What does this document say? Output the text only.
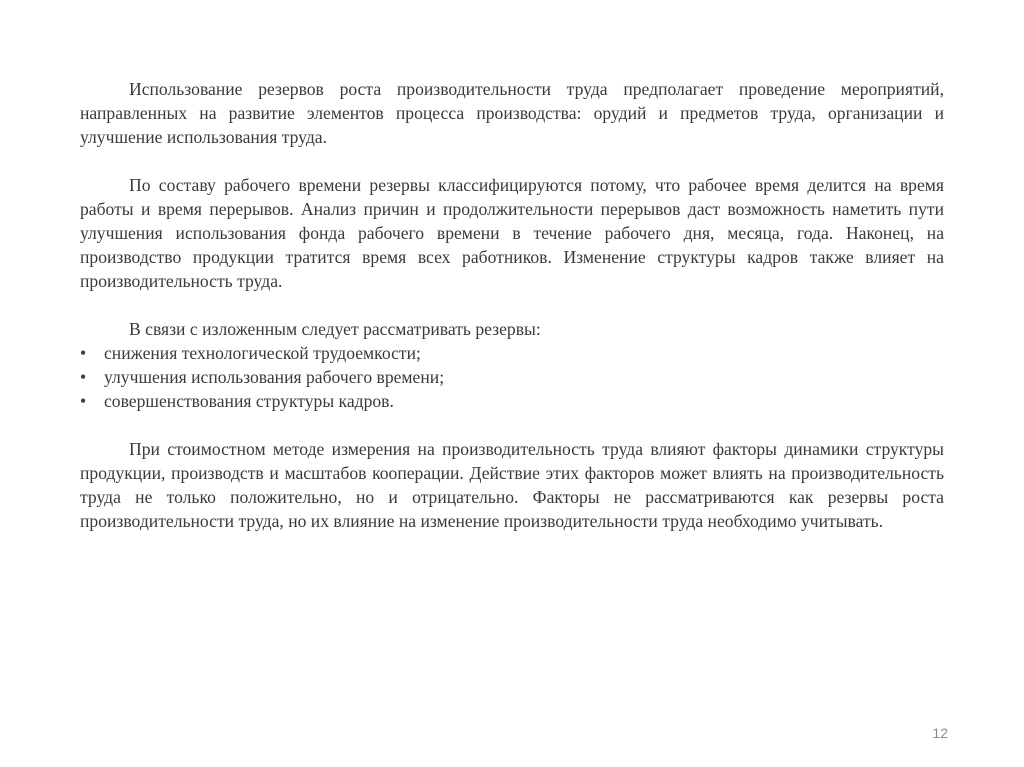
Использование резервов роста производительности труда предполагает проведение мероприятий, направленных на развитие элементов процесса производства: орудий и предметов труда, организации и улучшение использования труда.

По составу рабочего времени резервы классифицируются потому, что рабочее время делится на время работы и время перерывов. Анализ причин и продолжительности перерывов даст возможность наметить пути улучшения использования фонда рабочего времени в течение рабочего дня, месяца, года. Наконец, на производство продукции тратится время всех работников. Изменение структуры кадров также влияет на производительность труда.

В связи с изложенным следует рассматривать резервы:

• снижения технологической трудоемкости;
• улучшения использования рабочего времени;
• совершенствования структуры кадров.

При стоимостном методе измерения на производительность труда влияют факторы динамики структуры продукции, производств и масштабов кооперации. Действие этих факторов может влиять на производительность труда не только положительно, но и отрицательно. Факторы не рассматриваются как резервы роста производительности труда, но их влияние на изменение производительности труда необходимо учитывать.

12
